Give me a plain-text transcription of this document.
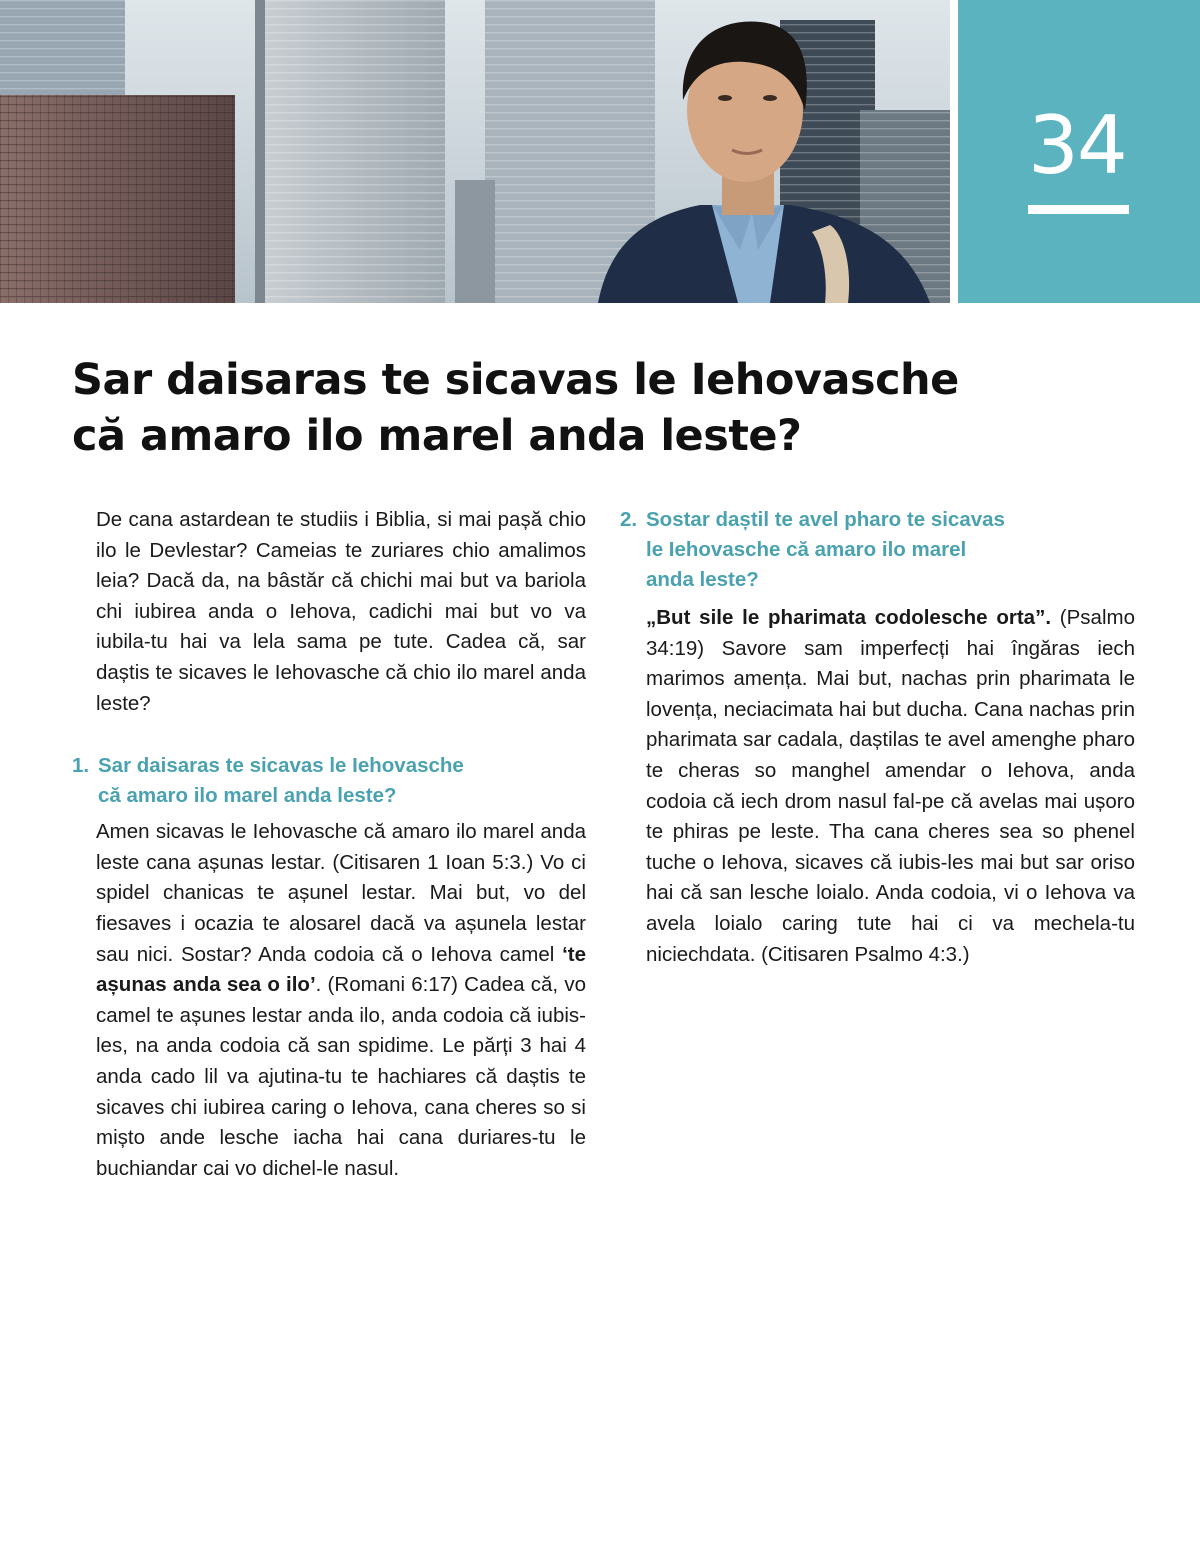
34
Sar daisaras te sicavas le Iehovasche
că amaro ilo marel anda leste?

De cana astardean te studiis i Biblia, si mai pașă chio ilo le Devlestar? Cameias te zuriares chio amalimos leia? Dacă da, na bâstăr că chichi mai but va bariola chi iubirea anda o Iehova, cadichi mai but vo va iubila-tu hai va lela sama pe tute. Cadea că, sar daștis te sicaves le Iehovasche că chio ilo marel anda leste?

1. Sar daisaras te sicavas le Iehovasche
că amaro ilo marel anda leste?

Amen sicavas le Iehovasche că amaro ilo marel anda leste cana așunas lestar. (Citisaren 1 Ioan 5:3.) Vo ci spidel chanicas te așunel lestar. Mai but, vo del fiesaves i ocazia te alosarel dacă va așunela lestar sau nici. Sostar? Anda codoia că o Iehova camel ‘te așunas anda sea o ilo’. (Romani 6:17) Cadea că, vo camel te așunes lestar anda ilo, anda codoia că iubis-les, na anda codoia că san spidime. Le părți 3 hai 4 anda cado lil va ajutina-tu te hachiares că daștis te sicaves chi iubirea caring o Iehova, cana cheres so si mișto ande lesche iacha hai cana duriares-tu le buchiandar cai vo dichel-le nasul.

2. Sostar daștil te avel pharo te sicavas
le Iehovasche că amaro ilo marel
anda leste?

„But sile le pharimata codolesche orta”. (Psalmo 34:19) Savore sam imperfecți hai îngăras iech marimos amența. Mai but, nachas prin pharimata le lovența, neciacimata hai but ducha. Cana nachas prin pharimata sar cadala, daștilas te avel amenghe pharo te cheras so manghel amendar o Iehova, anda codoia că iech drom nasul fal-pe că avelas mai ușoro te phiras pe leste. Tha cana cheres sea so phenel tuche o Iehova, sicaves că iubis-les mai but sar oriso hai că san lesche loialo. Anda codoia, vi o Iehova va avela loialo caring tute hai ci va mechela-tu niciechdata. (Citisaren Psalmo 4:3.)
